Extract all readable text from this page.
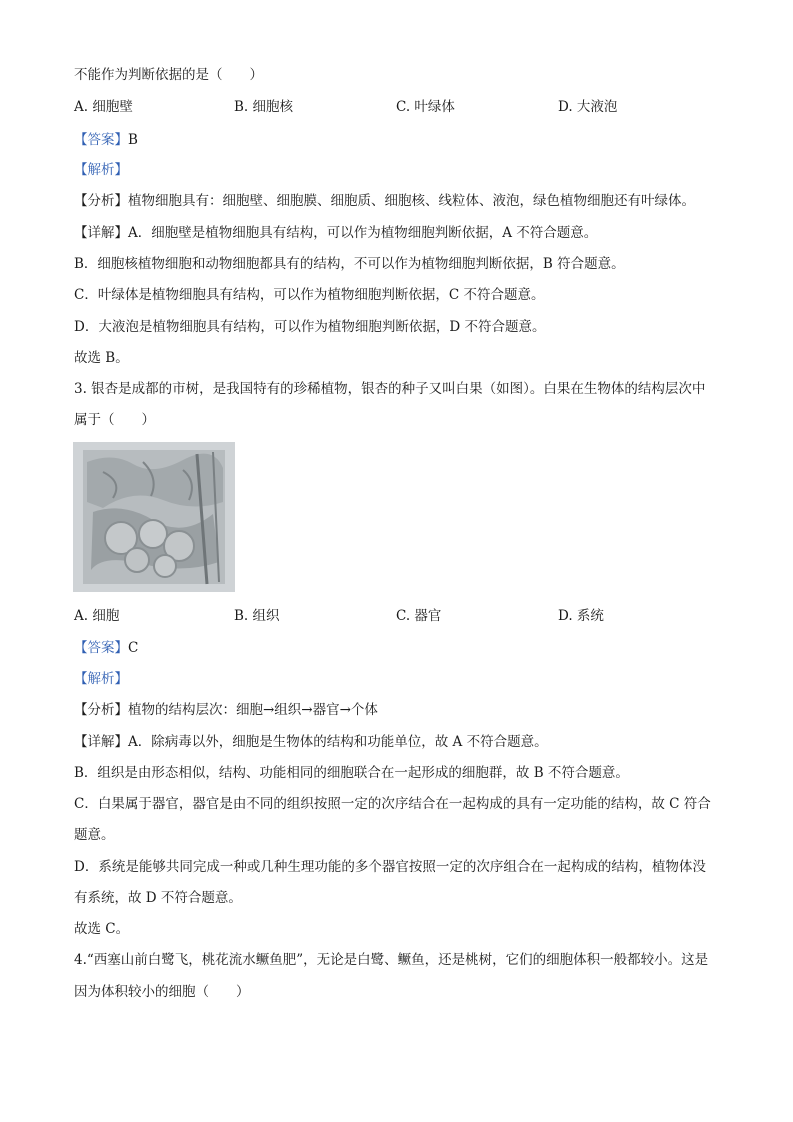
不能作为判断依据的是（　　）
A. 细胞壁	B. 细胞核	C. 叶绿体	D. 大液泡
【答案】B
【解析】
【分析】植物细胞具有：细胞壁、细胞膜、细胞质、细胞核、线粒体、液泡，绿色植物细胞还有叶绿体。
【详解】A．细胞壁是植物细胞具有结构，可以作为植物细胞判断依据，A 不符合题意。
B．细胞核植物细胞和动物细胞都具有的结构，不可以作为植物细胞判断依据，B 符合题意。
C．叶绿体是植物细胞具有结构，可以作为植物细胞判断依据，C 不符合题意。
D．大液泡是植物细胞具有结构，可以作为植物细胞判断依据，D 不符合题意。
故选 B。
3. 银杏是成都的市树，是我国特有的珍稀植物，银杏的种子又叫白果（如图）。白果在生物体的结构层次中
属于（　　）
A. 细胞	B. 组织	C. 器官	D. 系统
【答案】C
【解析】
【分析】植物的结构层次：细胞→组织→器官→个体
【详解】A．除病毒以外，细胞是生物体的结构和功能单位，故 A 不符合题意。
B．组织是由形态相似，结构、功能相同的细胞联合在一起形成的细胞群，故 B 不符合题意。
C．白果属于器官，器官是由不同的组织按照一定的次序结合在一起构成的具有一定功能的结构，故 C 符合
题意。
D．系统是能够共同完成一种或几种生理功能的多个器官按照一定的次序组合在一起构成的结构，植物体没
有系统，故 D 不符合题意。
故选 C。
4.“西塞山前白鹭飞，桃花流水鳜鱼肥”，无论是白鹭、鳜鱼，还是桃树，它们的细胞体积一般都较小。这是
因为体积较小的细胞（　　）
